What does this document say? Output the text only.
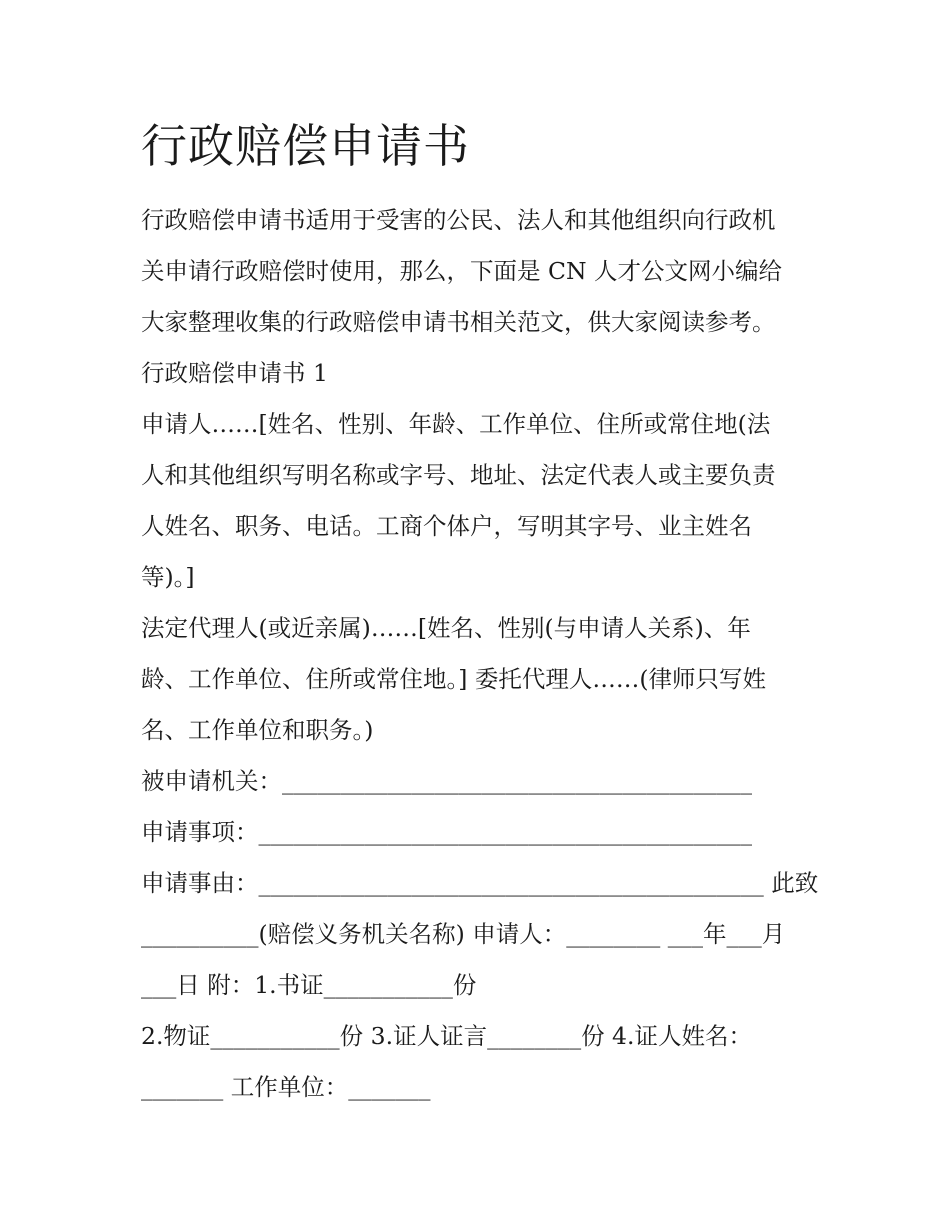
行政赔偿申请书
行政赔偿申请书适用于受害的公民、法人和其他组织向行政机
关申请行政赔偿时使用，那么，下面是 CN 人才公文网小编给
大家整理收集的行政赔偿申请书相关范文，供大家阅读参考。
行政赔偿申请书 1
申请人……[姓名、性别、年龄、工作单位、住所或常住地(法
人和其他组织写明名称或字号、地址、法定代表人或主要负责
人姓名、职务、电话。工商个体户，写明其字号、业主姓名
等)。]
法定代理人(或近亲属)……[姓名、性别(与申请人关系)、年
龄、工作单位、住所或常住地。] 委托代理人……(律师只写姓
名、工作单位和职务。)
被申请机关：________________________________________
申请事项：__________________________________________
申请事由：___________________________________________ 此致
__________(赔偿义务机关名称) 申请人：________ ___年___月
___日 附：1.书证___________份
2.物证___________份 3.证人证言________份 4.证人姓名：
_______ 工作单位：_______
